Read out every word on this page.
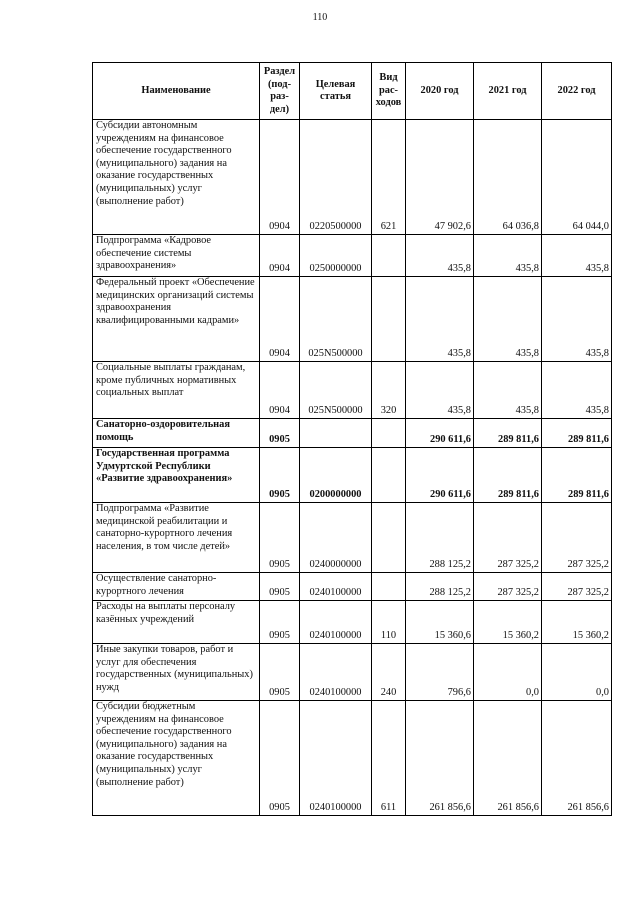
110
Наименование	Раздел (под-раз-дел)	Целевая статья	Вид рас-ходов	2020 год	2021 год	2022 год
Субсидии автономным учреждениям на финансовое обеспечение государственного (муниципального) задания на оказание государственных (муниципальных) услуг (выполнение работ)	0904	0220500000	621	47 902,6	64 036,8	64 044,0
Подпрограмма «Кадровое обеспечение системы здравоохранения»	0904	0250000000		435,8	435,8	435,8
Федеральный проект «Обеспечение медицинских организаций системы здравоохранения квалифицированными кадрами»	0904	025N500000		435,8	435,8	435,8
Социальные выплаты гражданам, кроме публичных нормативных социальных выплат	0904	025N500000	320	435,8	435,8	435,8
Санаторно-оздоровительная помощь	0905			290 611,6	289 811,6	289 811,6
Государственная программа Удмуртской Республики «Развитие здравоохранения»	0905	0200000000		290 611,6	289 811,6	289 811,6
Подпрограмма «Развитие медицинской реабилитации и санаторно-курортного лечения населения, в том числе детей»	0905	0240000000		288 125,2	287 325,2	287 325,2
Осуществление санаторно-курортного лечения	0905	0240100000		288 125,2	287 325,2	287 325,2
Расходы на выплаты персоналу казённых учреждений	0905	0240100000	110	15 360,6	15 360,2	15 360,2
Иные закупки товаров, работ и услуг для обеспечения государственных (муниципальных) нужд	0905	0240100000	240	796,6	0,0	0,0
Субсидии бюджетным учреждениям на финансовое обеспечение государственного (муниципального) задания на оказание государственных (муниципальных) услуг (выполнение работ)	0905	0240100000	611	261 856,6	261 856,6	261 856,6
